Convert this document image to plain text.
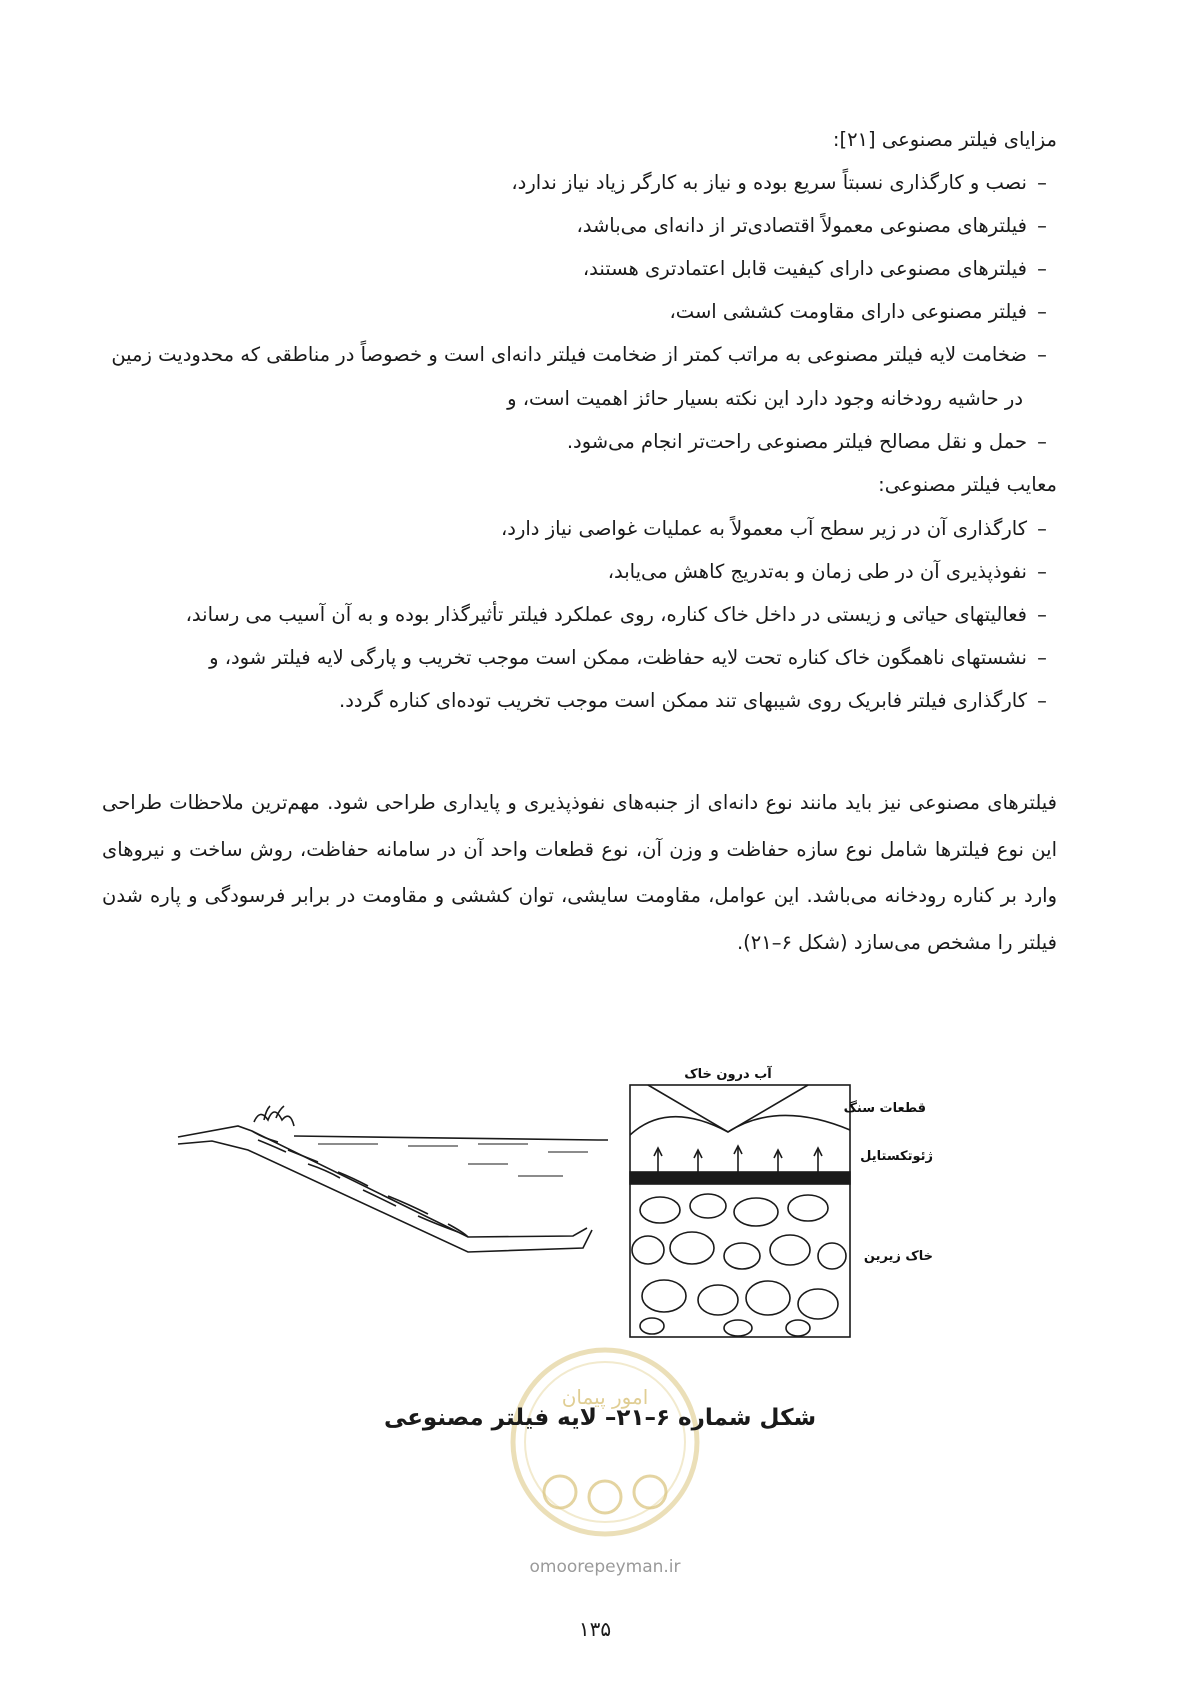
مزایای فیلتر مصنوعی [۲۱]:
–نصب و کارگذاری نسبتاً سریع بوده و نیاز به کارگر زیاد نیاز ندارد،
–فیلترهای مصنوعی معمولاً اقتصادی‌تر از دانه‌ای می‌باشد،
–فیلترهای مصنوعی دارای کیفیت قابل اعتمادتری هستند،
–فیلتر مصنوعی دارای مقاومت کششی است،
–ضخامت لایه فیلتر مصنوعی به مراتب کمتر از ضخامت فیلتر دانه‌ای است و خصوصاً در مناطقی که محدودیت زمین
در حاشیه رودخانه وجود دارد این نکته بسیار حائز اهمیت است، و
–حمل و نقل مصالح فیلتر مصنوعی راحت‌تر انجام می‌شود.
معایب فیلتر مصنوعی:
–کارگذاری آن در زیر سطح آب معمولاً به عملیات غواصی نیاز دارد،
–نفوذپذیری آن در طی زمان و به‌تدریج کاهش می‌یابد،
–فعالیتهای حیاتی و زیستی در داخل خاک کناره، روی عملکرد فیلتر تأثیرگذار بوده و به آن آسیب می رساند،
–نشستهای ناهمگون خاک کناره تحت لایه حفاظت، ممکن است موجب تخریب و پارگی لایه فیلتر شود، و
–کارگذاری فیلتر فابریک روی شیبهای تند ممکن است موجب تخریب توده‌ای کناره گردد.
فیلترهای مصنوعی نیز باید مانند نوع دانه‌ای از جنبه‌های نفوذپذیری و پایداری طراحی شود. مهم‌ترین ملاحظات طراحی این نوع فیلترها شامل نوع سازه حفاظت و وزن آن، نوع قطعات واحد آن در سامانه حفاظت، روش ساخت و نیروهای وارد بر کناره رودخانه می‌باشد. این عوامل، مقاومت سایشی، توان کششی و مقاومت در برابر فرسودگی و پاره شدن فیلتر را مشخص می‌سازد (شکل ۶–۲۱).
آب درون خاک
قطعات سنگ
ژئوتکستایل
خاک زیرین
امور پیمان
شکل شماره ۶–۲۱– لایه فیلتر مصنوعی
omoorepeyman.ir
۱۳۵
